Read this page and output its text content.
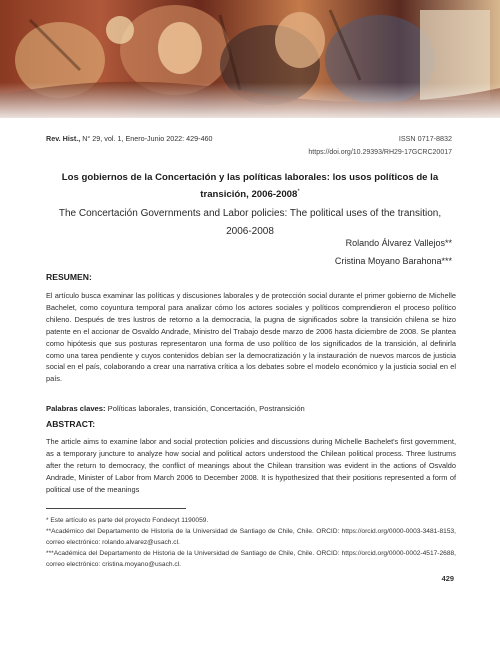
Rev. Hist., N° 29, vol. 1, Enero-Junio 2022: 429-460	ISSN 0717-8832
https://doi.org/10.29393/RH29-17GCRC20017
Los gobiernos de la Concertación y las políticas laborales: los usos políticos de la transición, 2006-2008*
The Concertación Governments and Labor policies: The political uses of the transition, 2006-2008
Rolando Álvarez Vallejos**
Cristina Moyano Barahona***
RESUMEN:
El artículo busca examinar las políticas y discusiones laborales y de protección social durante el primer gobierno de Michelle Bachelet, como coyuntura temporal para analizar cómo los actores sociales y políticos comprendieron el proceso político chileno. Después de tres lustros de retorno a la democracia, la pugna de significados sobre la transición chilena se hizo patente en el accionar de Osvaldo Andrade, Ministro del Trabajo desde marzo de 2006 hasta diciembre de 2008. Se plantea como hipótesis que sus posturas representaron una forma de uso político de los significados de la transición, al definirla como una tarea pendiente y cuyos contenidos debían ser la democratización y la instauración de nuevos marcos de justicia social en el país, colaborando a crear una narrativa crítica a los debates sobre el modelo económico y la justicia social en el país.
Palabras claves: Políticas laborales, transición, Concertación, Postransición
ABSTRACT:
The article aims to examine labor and social protection policies and discussions during Michelle Bachelet's first government, as a temporary juncture to analyze how social and political actors understood the Chilean political process. Three lustrums after the return to democracy, the conflict of meanings about the Chilean transition was evident in the actions of Osvaldo Andrade, Minister of Labor from March 2006 to December 2008. It is hypothesized that their positions represented a form of political use of the meanings

* Este artículo es parte del proyecto Fondecyt 1190059.

**Académico del Departamento de Historia de la Universidad de Santiago de Chile, Chile. ORCID: https://orcid.org/0000-0003-3481-8153, correo electrónico: rolando.alvarez@usach.cl.

***Académica del Departamento de Historia de la Universidad de Santiago de Chile, Chile. ORCID: https://orcid.org/0000-0002-4517-2688, correo electrónico: cristina.moyano@usach.cl.

429
